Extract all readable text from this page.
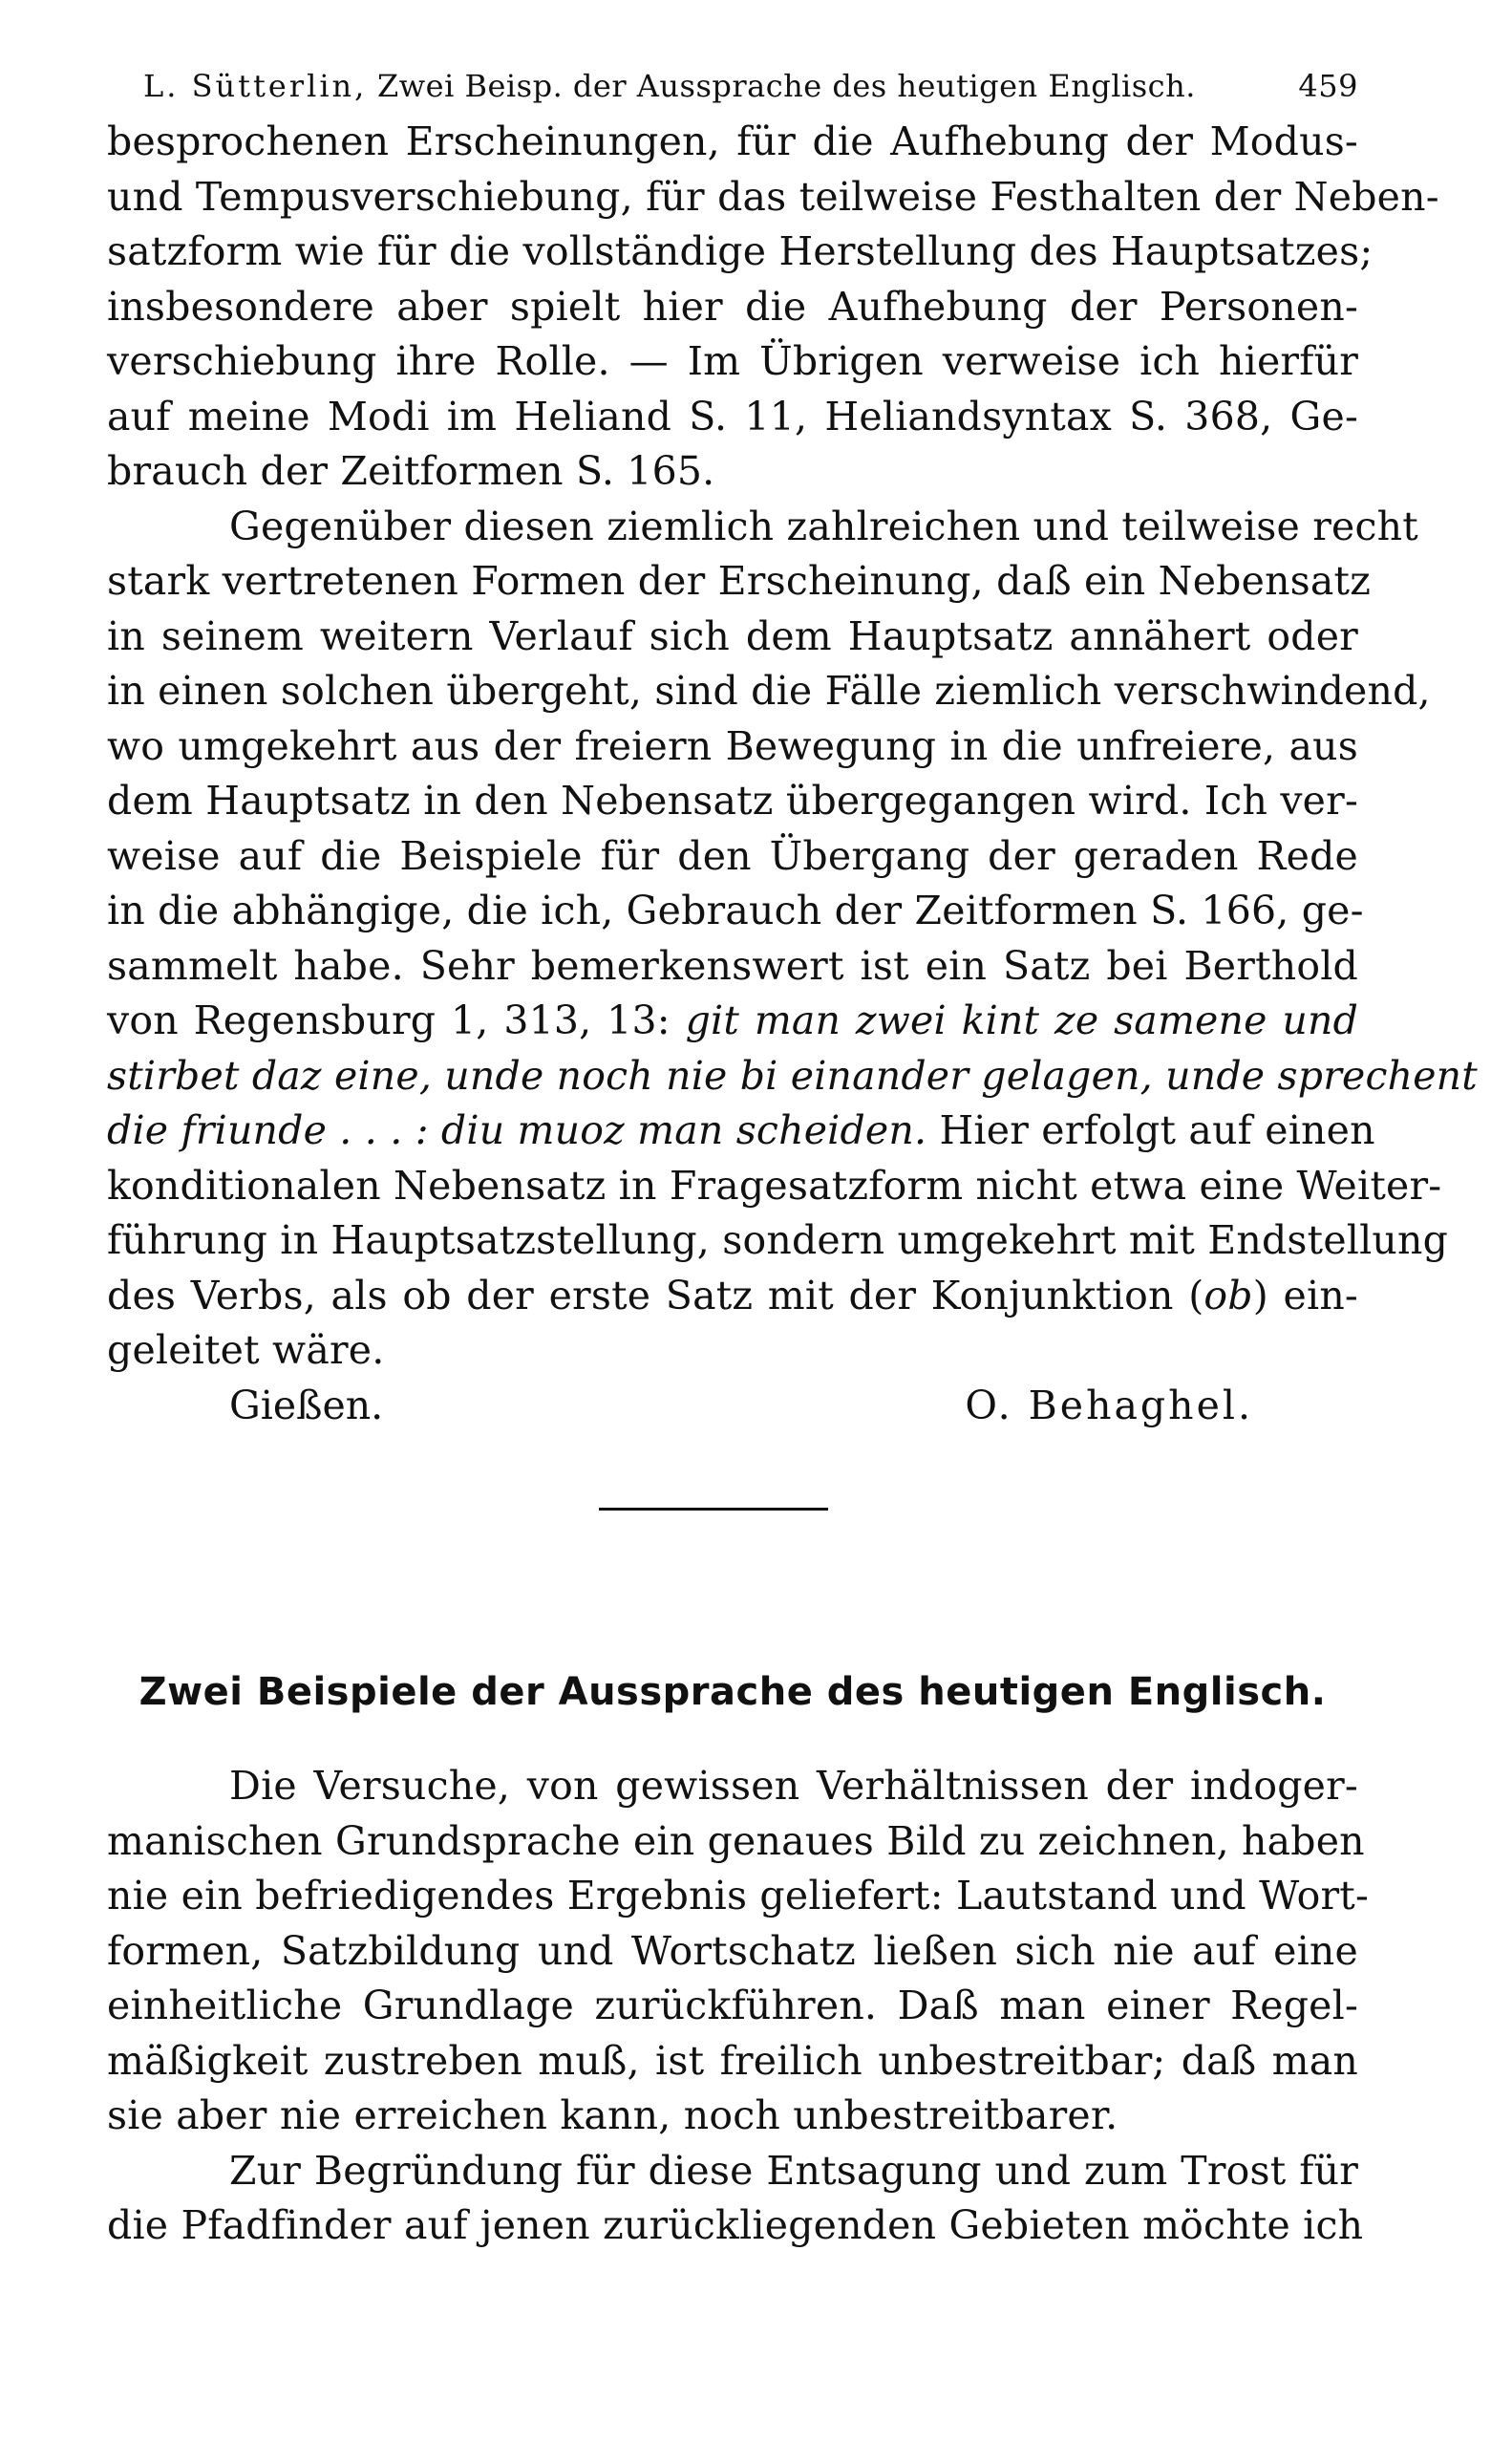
L. Sütterlin, Zwei Beisp. der Aussprache des heutigen Englisch.	459
besprochenen Erscheinungen, für die Aufhebung der Modus-
und Tempusverschiebung, für das teilweise Festhalten der Neben-
satzform wie für die vollständige Herstellung des Hauptsatzes;
insbesondere aber spielt hier die Aufhebung der Personen-
verschiebung ihre Rolle. — Im Übrigen verweise ich hierfür
auf meine Modi im Heliand S. 11, Heliandsyntax S. 368, Ge-
brauch der Zeitformen S. 165.
Gegenüber diesen ziemlich zahlreichen und teilweise recht
stark vertretenen Formen der Erscheinung, daß ein Nebensatz
in seinem weitern Verlauf sich dem Hauptsatz annähert oder
in einen solchen übergeht, sind die Fälle ziemlich verschwindend,
wo umgekehrt aus der freiern Bewegung in die unfreiere, aus
dem Hauptsatz in den Nebensatz übergegangen wird. Ich ver-
weise auf die Beispiele für den Übergang der geraden Rede
in die abhängige, die ich, Gebrauch der Zeitformen S. 166, ge-
sammelt habe. Sehr bemerkenswert ist ein Satz bei Berthold
von Regensburg 1, 313, 13: git man zwei kint ze samene und
stirbet daz eine, unde noch nie bi einander gelagen, unde sprechent
die friunde . . . : diu muoz man scheiden. Hier erfolgt auf einen
konditionalen Nebensatz in Fragesatzform nicht etwa eine Weiter-
führung in Hauptsatzstellung, sondern umgekehrt mit Endstellung
des Verbs, als ob der erste Satz mit der Konjunktion (ob) ein-
geleitet wäre.
Gießen.	O. Behaghel.
Zwei Beispiele der Aussprache des heutigen Englisch.
Die Versuche, von gewissen Verhältnissen der indoger-
manischen Grundsprache ein genaues Bild zu zeichnen, haben
nie ein befriedigendes Ergebnis geliefert: Lautstand und Wort-
formen, Satzbildung und Wortschatz ließen sich nie auf eine
einheitliche Grundlage zurückführen. Daß man einer Regel-
mäßigkeit zustreben muß, ist freilich unbestreitbar; daß man
sie aber nie erreichen kann, noch unbestreitbarer.
Zur Begründung für diese Entsagung und zum Trost für
die Pfadfinder auf jenen zurückliegenden Gebieten möchte ich
